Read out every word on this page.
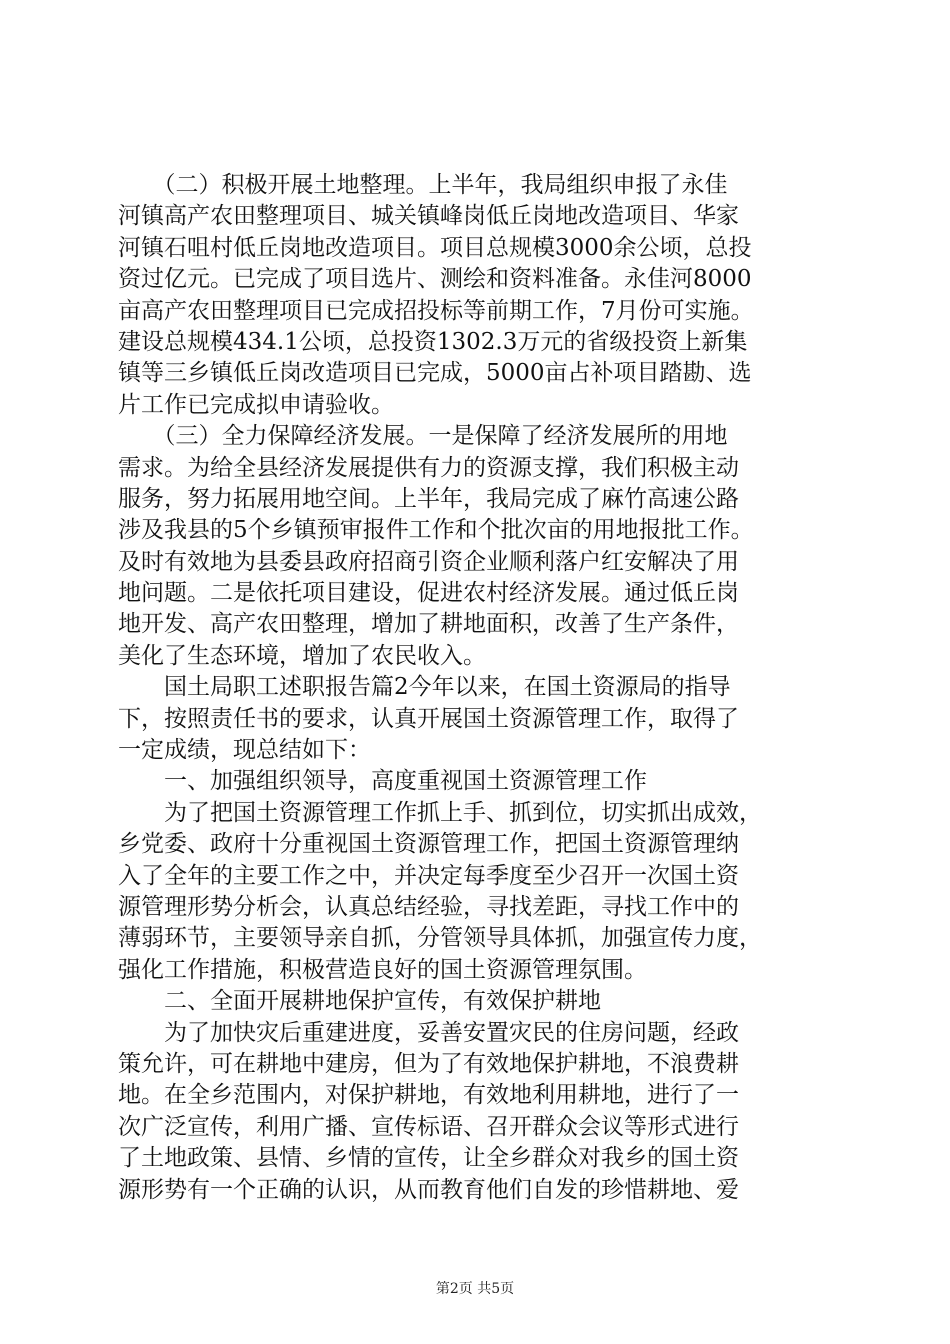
　　（二）积极开展土地整理。上半年，我局组织申报了永佳
河镇高产农田整理项目、城关镇峰岗低丘岗地改造项目、华家
河镇石咀村低丘岗地改造项目。项目总规模3000余公顷，总投
资过亿元。已完成了项目选片、测绘和资料准备。永佳河8000
亩高产农田整理项目已完成招投标等前期工作，7月份可实施。
建设总规模434.1公顷，总投资1302.3万元的省级投资上新集
镇等三乡镇低丘岗改造项目已完成，5000亩占补项目踏勘、选
片工作已完成拟申请验收。
　　（三）全力保障经济发展。一是保障了经济发展所的用地
需求。为给全县经济发展提供有力的资源支撑，我们积极主动
服务，努力拓展用地空间。上半年，我局完成了麻竹高速公路
涉及我县的5个乡镇预审报件工作和个批次亩的用地报批工作。
及时有效地为县委县政府招商引资企业顺利落户红安解决了用
地问题。二是依托项目建设，促进农村经济发展。通过低丘岗
地开发、高产农田整理，增加了耕地面积，改善了生产条件，
美化了生态环境，增加了农民收入。
　　国土局职工述职报告篇2今年以来，在国土资源局的指导
下，按照责任书的要求，认真开展国土资源管理工作，取得了
一定成绩，现总结如下：
　　一、加强组织领导，高度重视国土资源管理工作
　　为了把国土资源管理工作抓上手、抓到位，切实抓出成效，
乡党委、政府十分重视国土资源管理工作，把国土资源管理纳
入了全年的主要工作之中，并决定每季度至少召开一次国土资
源管理形势分析会，认真总结经验，寻找差距，寻找工作中的
薄弱环节，主要领导亲自抓，分管领导具体抓，加强宣传力度，
强化工作措施，积极营造良好的国土资源管理氛围。
　　二、全面开展耕地保护宣传，有效保护耕地
　　为了加快灾后重建进度，妥善安置灾民的住房问题，经政
策允许，可在耕地中建房，但为了有效地保护耕地，不浪费耕
地。在全乡范围内，对保护耕地，有效地利用耕地，进行了一
次广泛宣传，利用广播、宣传标语、召开群众会议等形式进行
了土地政策、县情、乡情的宣传，让全乡群众对我乡的国土资
源形势有一个正确的认识，从而教育他们自发的珍惜耕地、爱
第2页 共5页
